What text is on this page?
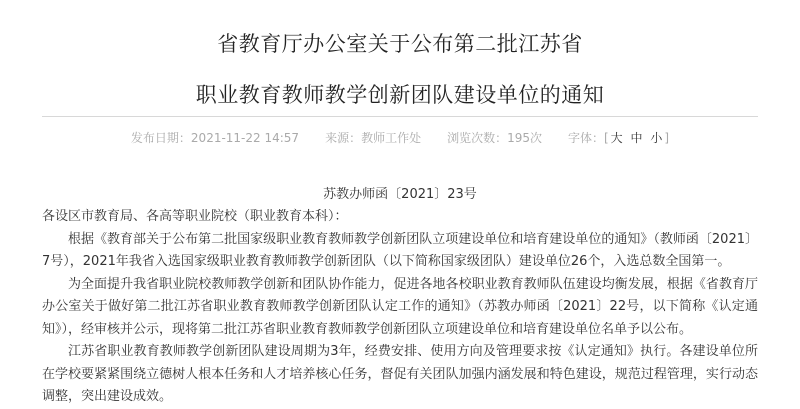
省教育厅办公室关于公布第二批江苏省
职业教育教师教学创新团队建设单位的通知
发布日期：2021-11-22 14:57 来源：教师工作处 浏览次数：195次 字体：[ 大 中 小 ]
苏教办师函〔2021〕23号

各设区市教育局、各高等职业院校（职业教育本科）：

根据《教育部关于公布第二批国家级职业教育教师教学创新团队立项建设单位和培育建设单位的通知》（教师函〔2021〕7号），2021年我省入选国家级职业教育教师教学创新团队（以下简称国家级团队）建设单位26个，入选总数全国第一。

为全面提升我省职业院校教师教学创新和团队协作能力，促进各地各校职业教育教师队伍建设均衡发展，根据《省教育厅办公室关于做好第二批江苏省职业教育教师教学创新团队认定工作的通知》（苏教办师函〔2021〕22号，以下简称《认定通知》），经审核并公示，现将第二批江苏省职业教育教师教学创新团队立项建设单位和培育建设单位名单予以公布。

江苏省职业教育教师教学创新团队建设周期为3年，经费安排、使用方向及管理要求按《认定通知》执行。各建设单位所在学校要紧紧围绕立德树人根本任务和人才培养核心任务，督促有关团队加强内涵发展和特色建设，规范过程管理，实行动态调整，突出建设成效。
